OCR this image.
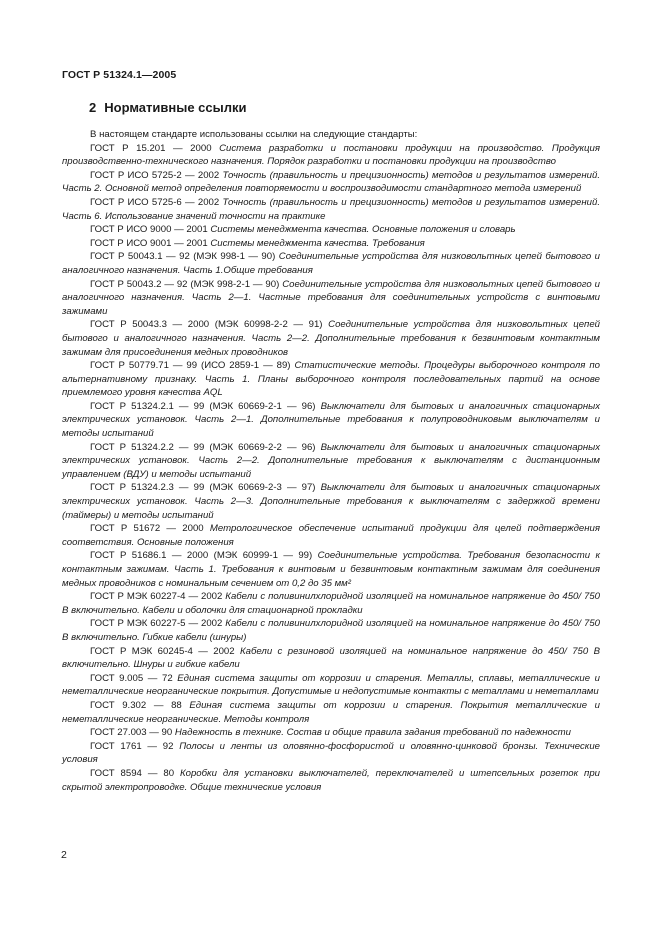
ГОСТ Р 51324.1—2005
2 Нормативные ссылки

В настоящем стандарте использованы ссылки на следующие стандарты:

ГОСТ Р 15.201 — 2000 Система разработки и постановки продукции на производство. Продукция производственно-технического назначения. Порядок разработки и постановки продукции на производство

ГОСТ Р ИСО 5725-2 — 2002 Точность (правильность и прецизионность) методов и результатов измерений. Часть 2. Основной метод определения повторяемости и воспроизводимости стандартного метода измерений

ГОСТ Р ИСО 5725-6 — 2002 Точность (правильность и прецизионность) методов и результатов измерений. Часть 6. Использование значений точности на практике

ГОСТ Р ИСО 9000 — 2001 Системы менеджмента качества. Основные положения и словарь

ГОСТ Р ИСО 9001 — 2001 Системы менеджмента качества. Требования

ГОСТ Р 50043.1 — 92 (МЭК 998-1 — 90) Соединительные устройства для низковольтных цепей бытового и аналогичного назначения. Часть 1.Общие требования

ГОСТ Р 50043.2 — 92 (МЭК 998-2-1 — 90) Соединительные устройства для низковольтных цепей бытового и аналогичного назначения. Часть 2—1. Частные требования для соединительных устройств с винтовыми зажимами

ГОСТ Р 50043.3 — 2000 (МЭК 60998-2-2 — 91) Соединительные устройства для низковольтных цепей бытового и аналогичного назначения. Часть 2—2. Дополнительные требования к безвинтовым контактным зажимам для присоединения медных проводников

ГОСТ Р 50779.71 — 99 (ИСО 2859-1 — 89) Статистические методы. Процедуры выборочного контроля по альтернативному признаку. Часть 1. Планы выборочного контроля последовательных партий на основе приемлемого уровня качества AQL

ГОСТ Р 51324.2.1 — 99 (МЭК 60669-2-1 — 96) Выключатели для бытовых и аналогичных стационарных электрических установок. Часть 2—1. Дополнительные требования к полупроводниковым выключателям и методы испытаний

ГОСТ Р 51324.2.2 — 99 (МЭК 60669-2-2 — 96) Выключатели для бытовых и аналогичных стационарных электрических установок. Часть 2—2. Дополнительные требования к выключателям с дистанционным управлением (ВДУ) и методы испытаний

ГОСТ Р 51324.2.3 — 99 (МЭК 60669-2-3 — 97) Выключатели для бытовых и аналогичных стационарных электрических установок. Часть 2—3. Дополнительные требования к выключателям с задержкой времени (таймеры) и методы испытаний

ГОСТ Р 51672 — 2000 Метрологическое обеспечение испытаний продукции для целей подтверждения соответствия. Основные положения

ГОСТ Р 51686.1 — 2000 (МЭК 60999-1 — 99) Соединительные устройства. Требования безопасности к контактным зажимам. Часть 1. Требования к винтовым и безвинтовым контактным зажимам для соединения медных проводников с номинальным сечением от 0,2 до 35 мм²

ГОСТ Р МЭК 60227-4 — 2002 Кабели с поливинилхлоридной изоляцией на номинальное напряжение до 450/ 750 В включительно. Кабели и оболочки для стационарной прокладки

ГОСТ Р МЭК 60227-5 — 2002 Кабели с поливинилхлоридной изоляцией на номинальное напряжение до 450/ 750 В включительно. Гибкие кабели (шнуры)

ГОСТ Р МЭК 60245-4 — 2002 Кабели с резиновой изоляцией на номинальное напряжение до 450/ 750 В включительно. Шнуры и гибкие кабели

ГОСТ 9.005 — 72 Единая система защиты от коррозии и старения. Металлы, сплавы, металлические и неметаллические неорганические покрытия. Допустимые и недопустимые контакты с металлами и неметаллами

ГОСТ 9.302 — 88 Единая система защиты от коррозии и старения. Покрытия металлические и неметаллические неорганические. Методы контроля

ГОСТ 27.003 — 90 Надежность в технике. Состав и общие правила задания требований по надежности

ГОСТ 1761 — 92 Полосы и ленты из оловянно-фосфористой и оловянно-цинковой бронзы. Технические условия

ГОСТ 8594 — 80 Коробки для установки выключателей, переключателей и штепсельных розеток при скрытой электропроводке. Общие технические условия

2
